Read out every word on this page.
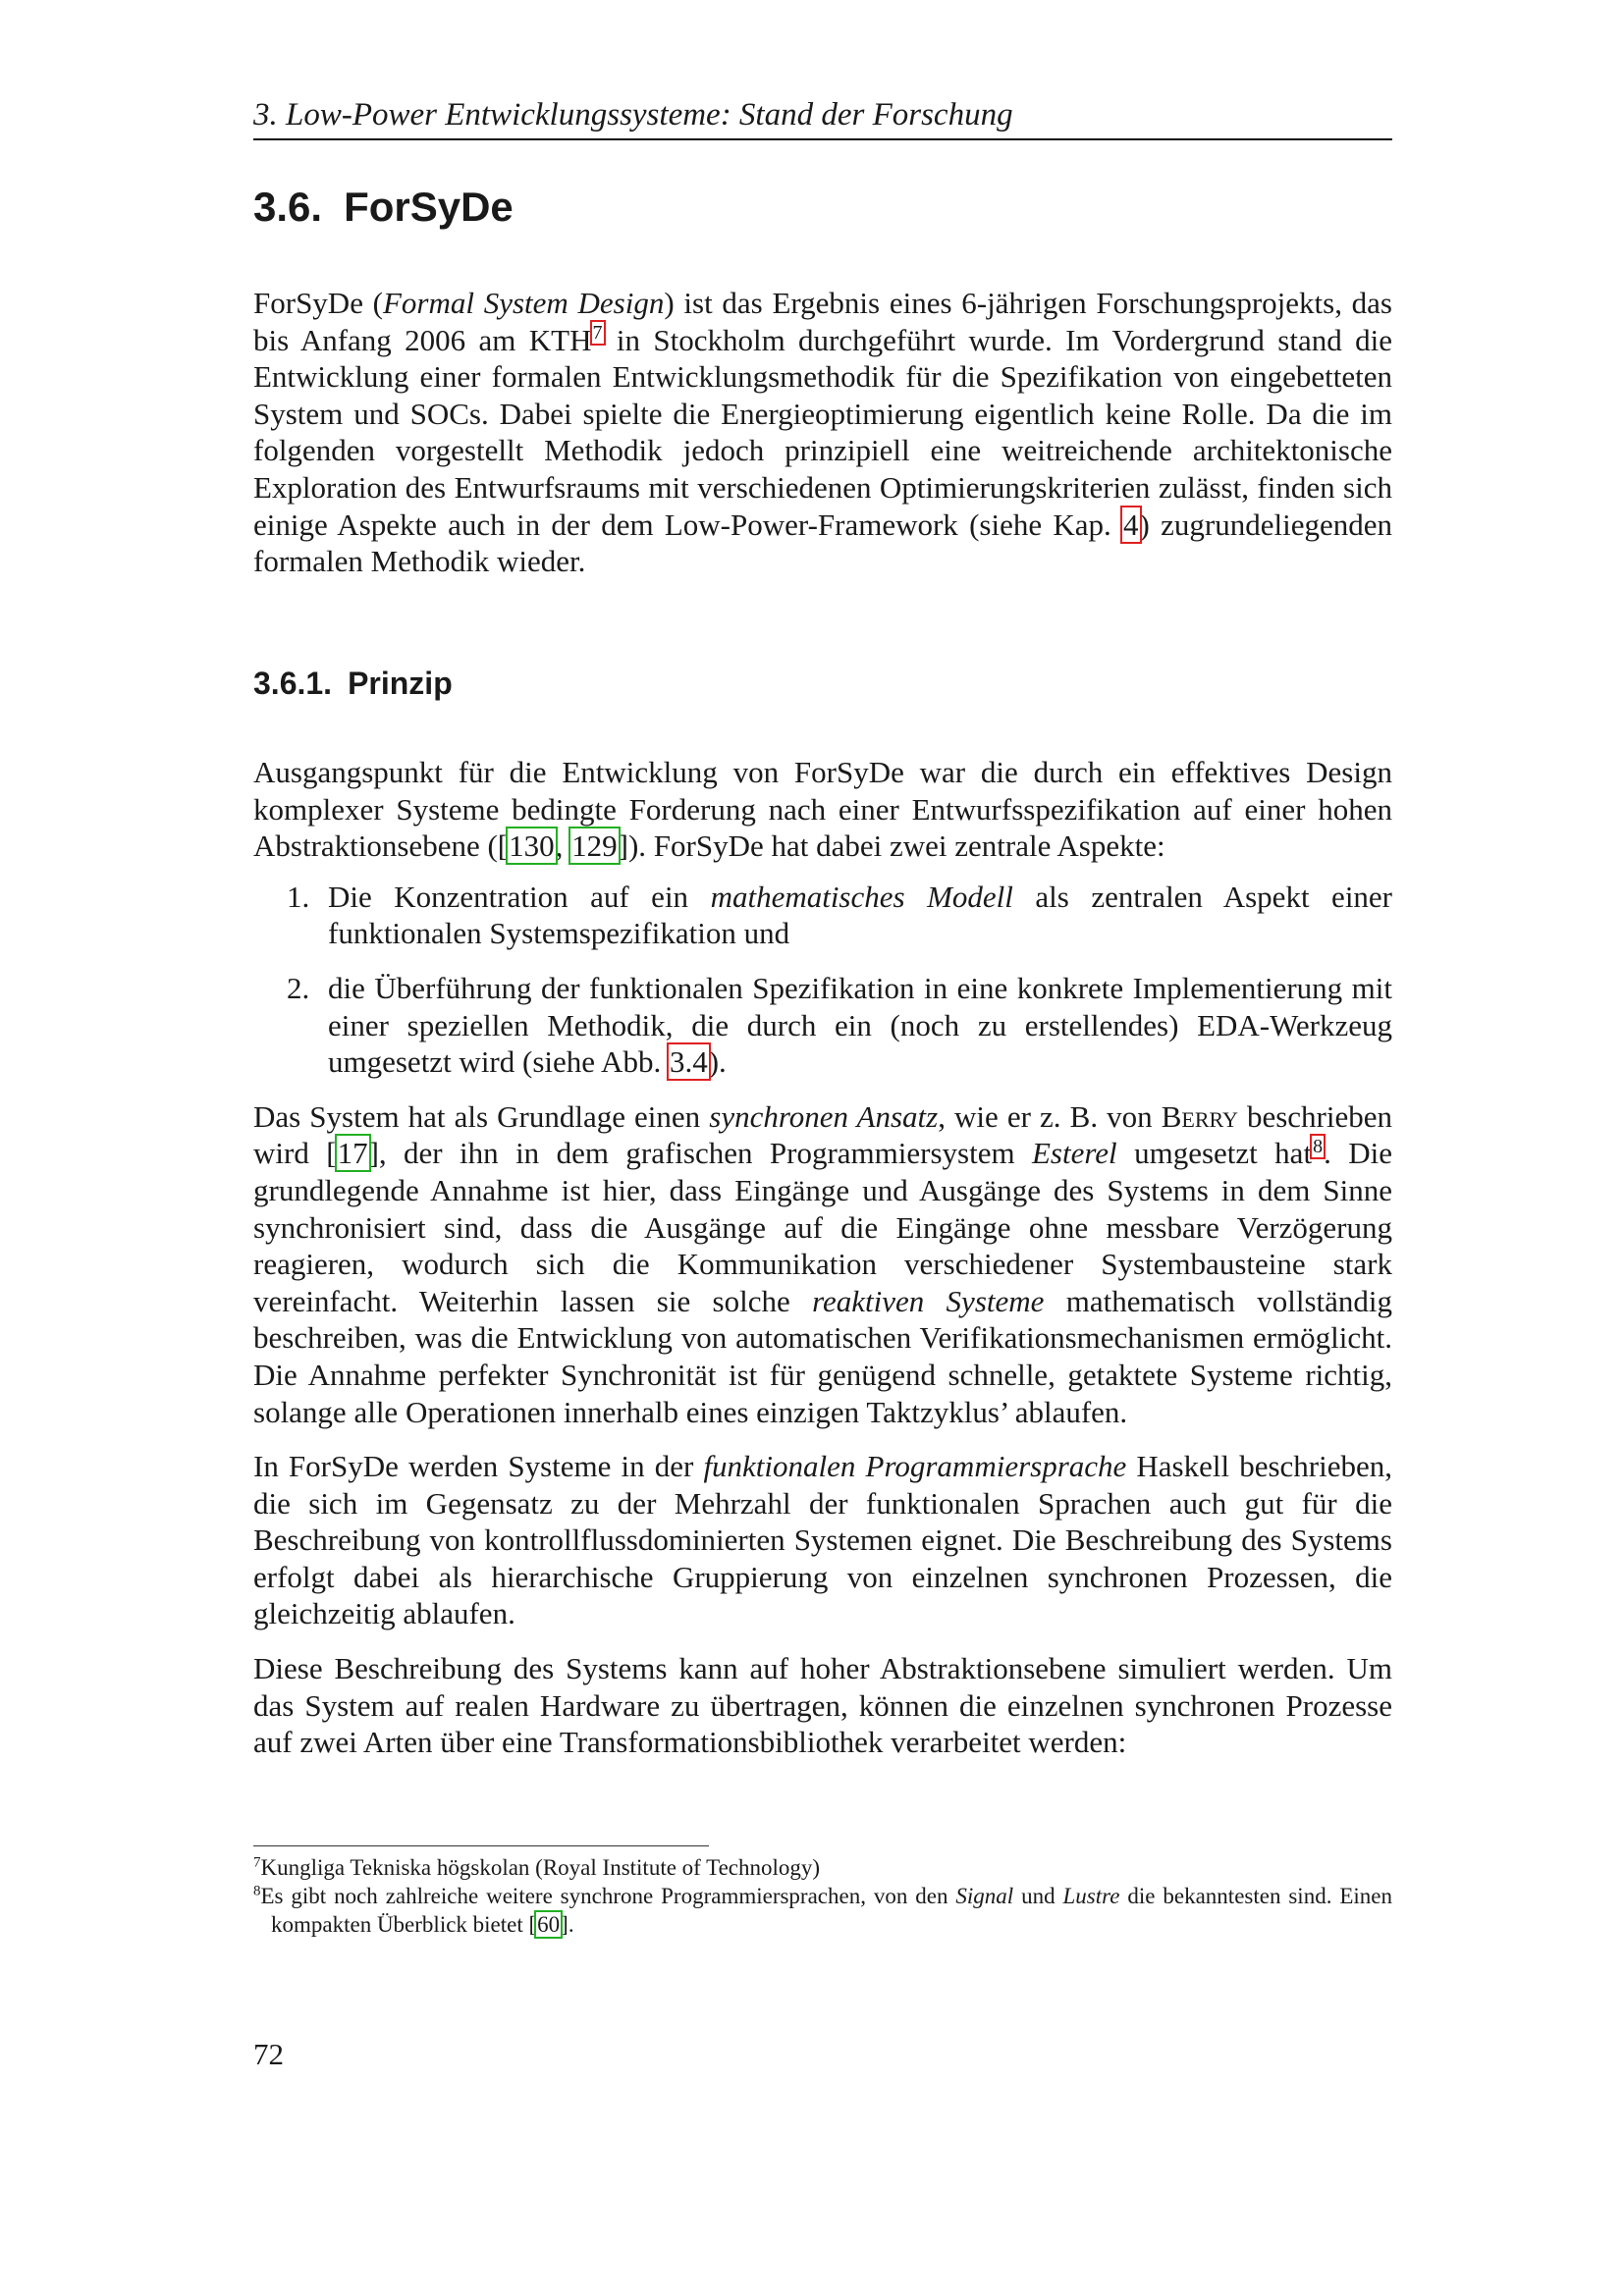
3. Low-Power Entwicklungssysteme: Stand der Forschung
3.6. ForSyDe

ForSyDe (Formal System Design) ist das Ergebnis eines 6-jährigen Forschungsprojekts, das bis Anfang 2006 am KTH$^7$ in Stockholm durchgeführt wurde. Im Vordergrund stand die Entwicklung einer formalen Entwicklungsmethodik für die Spezifikation von eingebetteten System und SOCs. Dabei spielte die Energieoptimierung eigentlich keine Rolle. Da die im folgenden vorgestellt Methodik jedoch prinzipiell eine weitreichende architektonische Exploration des Entwurfsraums mit verschiedenen Optimierungskriterien zulässt, finden sich einige Aspekte auch in der dem Low-Power-Framework (siehe Kap. 4) zugrundeliegenden formalen Methodik wieder.

3.6.1. Prinzip

Ausgangspunkt für die Entwicklung von ForSyDe war die durch ein effektives Design komplexer Systeme bedingte Forderung nach einer Entwurfsspezifikation auf einer hohen Abstraktionsebene ([130, 129]). ForSyDe hat dabei zwei zentrale Aspekte:

1. Die Konzentration auf ein mathematisches Modell als zentralen Aspekt einer funktionalen Systemspezifikation und
2. die Überführung der funktionalen Spezifikation in eine konkrete Implementierung mit einer speziellen Methodik, die durch ein (noch zu erstellendes) EDA-Werkzeug umgesetzt wird (siehe Abb. 3.4).

Das System hat als Grundlage einen synchronen Ansatz, wie er z. B. von Berry beschrieben wird [17], der ihn in dem grafischen Programmiersystem Esterel umgesetzt hat$^8$. Die grundlegende Annahme ist hier, dass Eingänge und Ausgänge des Systems in dem Sinne synchronisiert sind, dass die Ausgänge auf die Eingänge ohne messbare Verzögerung reagieren, wodurch sich die Kommunikation verschiedener Systembausteine stark vereinfacht. Weiterhin lassen sie solche reaktiven Systeme mathematisch vollständig beschreiben, was die Entwicklung von automatischen Verifikationsmechanismen ermöglicht. Die Annahme perfekter Synchronität ist für genügend schnelle, getaktete Systeme richtig, solange alle Operationen innerhalb eines einzigen Taktzyklus’ ablaufen.

In ForSyDe werden Systeme in der funktionalen Programmiersprache Haskell beschrieben, die sich im Gegensatz zu der Mehrzahl der funktionalen Sprachen auch gut für die Beschreibung von kontrollflussdominierten Systemen eignet. Die Beschreibung des Systems erfolgt dabei als hierarchische Gruppierung von einzelnen synchronen Prozessen, die gleichzeitig ablaufen.

Diese Beschreibung des Systems kann auf hoher Abstraktionsebene simuliert werden. Um das System auf realen Hardware zu übertragen, können die einzelnen synchronen Prozesse auf zwei Arten über eine Transformationsbibliothek verarbeitet werden:

$^7$Kungliga Tekniska högskolan (Royal Institute of Technology)
$^8$Es gibt noch zahlreiche weitere synchrone Programmiersprachen, von den Signal und Lustre die bekanntesten sind. Einen kompakten Überblick bietet [60].
72
